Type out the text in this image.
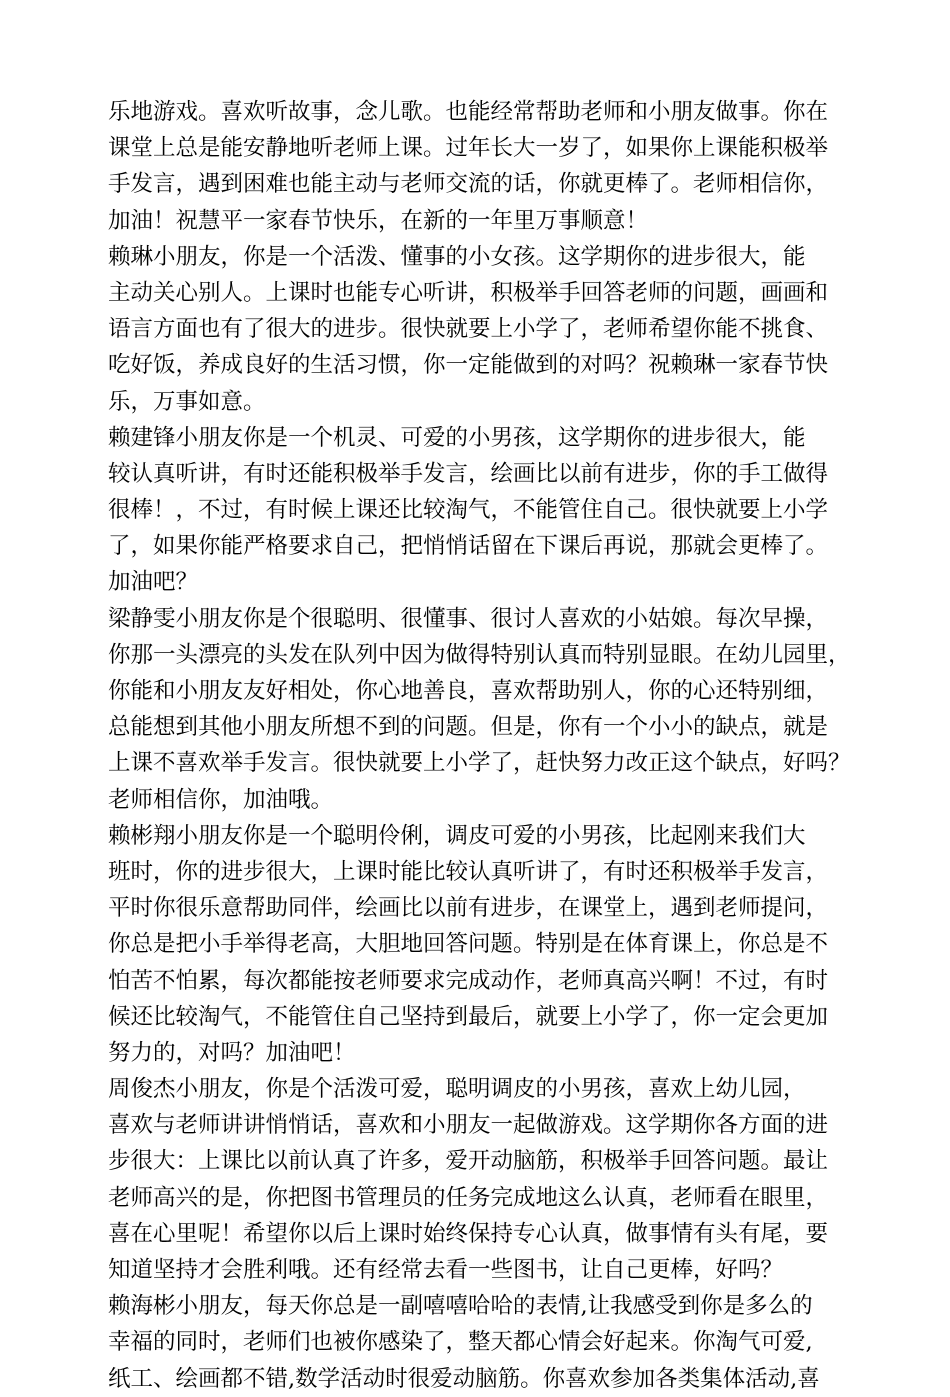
乐地游戏。喜欢听故事，念儿歌。也能经常帮助老师和小朋友做事。你在
课堂上总是能安静地听老师上课。过年长大一岁了，如果你上课能积极举
手发言，遇到困难也能主动与老师交流的话，你就更棒了。老师相信你，
加油！祝慧平一家春节快乐，在新的一年里万事顺意！
赖琳小朋友，你是一个活泼、懂事的小女孩。这学期你的进步很大，能
主动关心别人。上课时也能专心听讲，积极举手回答老师的问题，画画和
语言方面也有了很大的进步。很快就要上小学了，老师希望你能不挑食、
吃好饭，养成良好的生活习惯，你一定能做到的对吗？祝赖琳一家春节快
乐，万事如意。
赖建锋小朋友你是一个机灵、可爱的小男孩，这学期你的进步很大，能
较认真听讲，有时还能积极举手发言，绘画比以前有进步，你的手工做得
很棒！，不过，有时候上课还比较淘气，不能管住自己。很快就要上小学
了，如果你能严格要求自己，把悄悄话留在下课后再说，那就会更棒了。
加油吧？
梁静雯小朋友你是个很聪明、很懂事、很讨人喜欢的小姑娘。每次早操，
你那一头漂亮的头发在队列中因为做得特别认真而特别显眼。在幼儿园里，
你能和小朋友友好相处，你心地善良，喜欢帮助别人，你的心还特别细，
总能想到其他小朋友所想不到的问题。但是，你有一个小小的缺点，就是
上课不喜欢举手发言。很快就要上小学了，赶快努力改正这个缺点，好吗？
老师相信你，加油哦。
赖彬翔小朋友你是一个聪明伶俐，调皮可爱的小男孩，比起刚来我们大
班时，你的进步很大，上课时能比较认真听讲了，有时还积极举手发言，
平时你很乐意帮助同伴，绘画比以前有进步，在课堂上，遇到老师提问，
你总是把小手举得老高，大胆地回答问题。特别是在体育课上，你总是不
怕苦不怕累，每次都能按老师要求完成动作，老师真高兴啊！不过，有时
候还比较淘气，不能管住自己坚持到最后，就要上小学了，你一定会更加
努力的，对吗？加油吧！
周俊杰小朋友，你是个活泼可爱，聪明调皮的小男孩，喜欢上幼儿园，
喜欢与老师讲讲悄悄话，喜欢和小朋友一起做游戏。这学期你各方面的进
步很大：上课比以前认真了许多，爱开动脑筋，积极举手回答问题。最让
老师高兴的是，你把图书管理员的任务完成地这么认真，老师看在眼里，
喜在心里呢！希望你以后上课时始终保持专心认真，做事情有头有尾，要
知道坚持才会胜利哦。还有经常去看一些图书，让自己更棒，好吗？
赖海彬小朋友，每天你总是一副嘻嘻哈哈的表情,让我感受到你是多么的
幸福的同时，老师们也被你感染了，整天都心情会好起来。你淘气可爱,
纸工、绘画都不错,数学活动时很爱动脑筋。你喜欢参加各类集体活动,喜
